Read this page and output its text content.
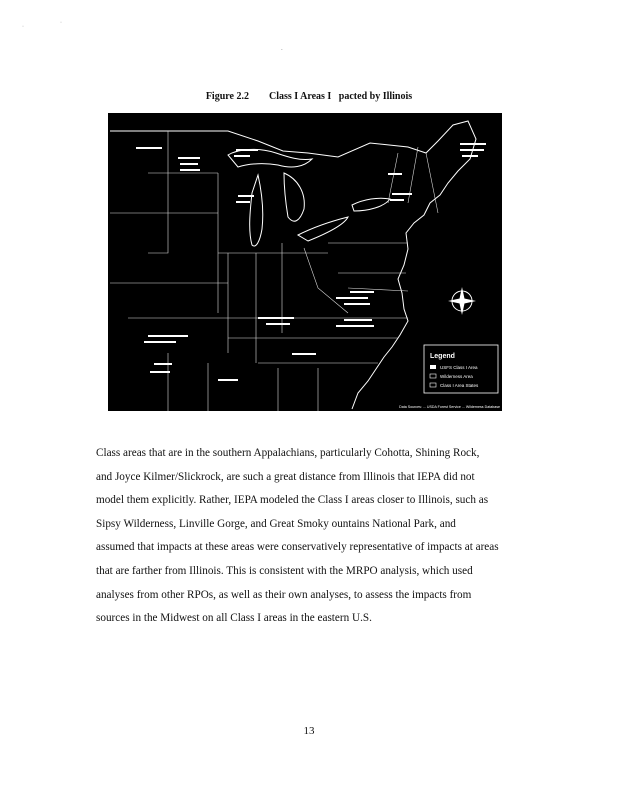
.
·
·
Figure 2.2 Class I Areas I   pacted by Illinois
Legend
USFS Class I Area
Wilderness Area
Class I Area States
Data Sources: ... USDA Forest Service ... Wilderness Database

Class areas that are in the southern Appalachians, particularly Cohotta, Shining Rock,

and Joyce Kilmer/Slickrock, are such a great distance from Illinois that IEPA did not

model them explicitly. Rather, IEPA modeled the Class I areas closer to Illinois, such as

Sipsy Wilderness, Linville Gorge, and Great Smoky ountains National Park, and

assumed that impacts at these areas were conservatively representative of impacts at areas

that are farther from Illinois. This is consistent with the MRPO analysis, which used

analyses from other RPOs, as well as their own analyses, to assess the impacts from

sources in the Midwest on all Class I areas in the eastern U.S.

13
